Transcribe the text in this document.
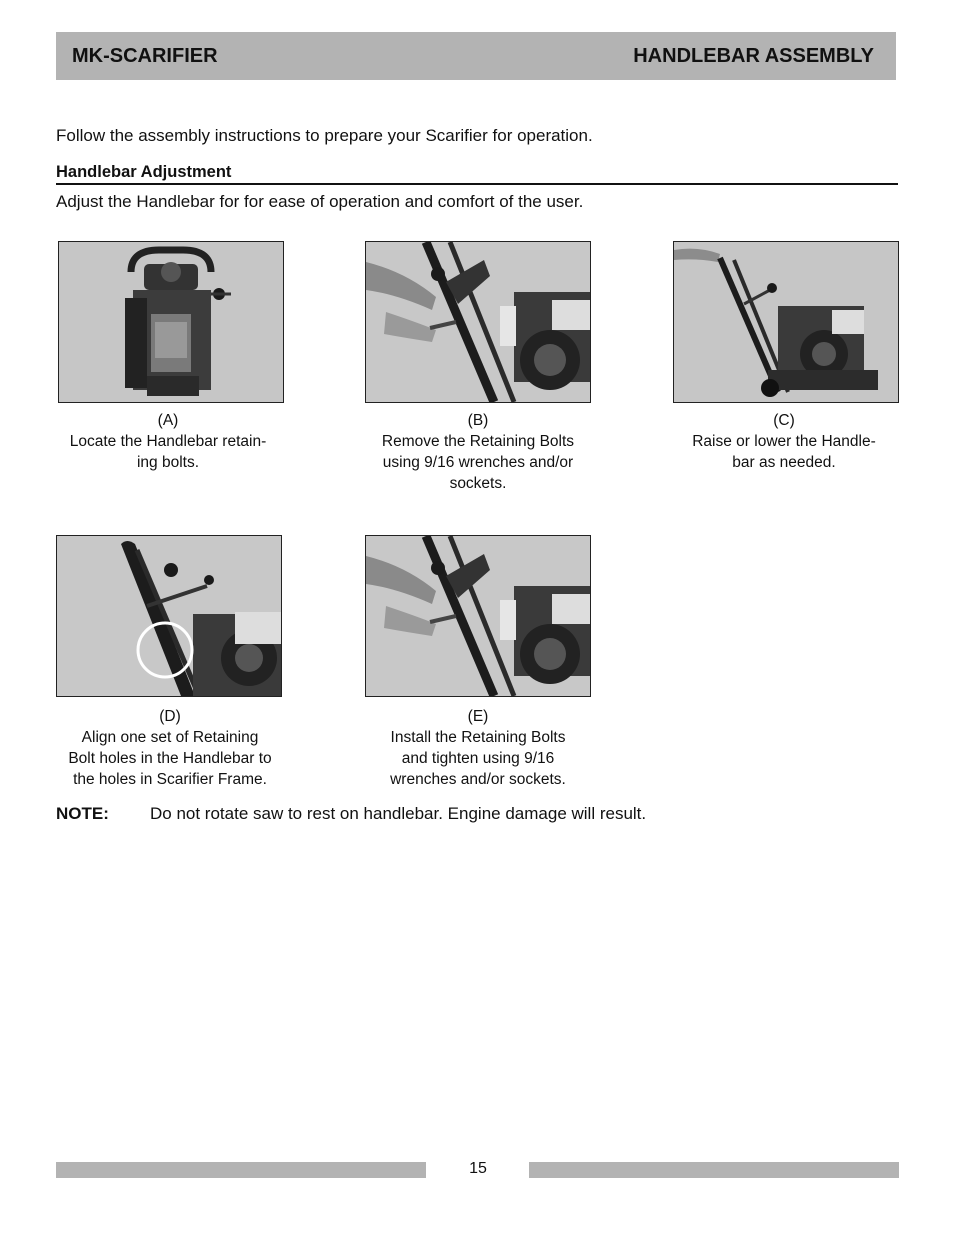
MK-SCARIFIER	HANDLEBAR ASSEMBLY
Follow the assembly instructions to prepare your Scarifier for operation.
Handlebar Adjustment
Adjust the Handlebar for for ease of operation and comfort of the user.
(A)
Locate the Handlebar retain-
ing bolts.
(B)
Remove the Retaining Bolts
using 9/16 wrenches and/or
sockets.
(C)
Raise or lower the Handle-
bar as needed.
(D)
Align one set of Retaining
Bolt holes in the Handlebar to
the holes in Scarifier Frame.
(E)
Install the Retaining Bolts
and tighten using 9/16
wrenches and/or sockets.
NOTE: Do not rotate saw to rest on handlebar. Engine damage will result.
15
